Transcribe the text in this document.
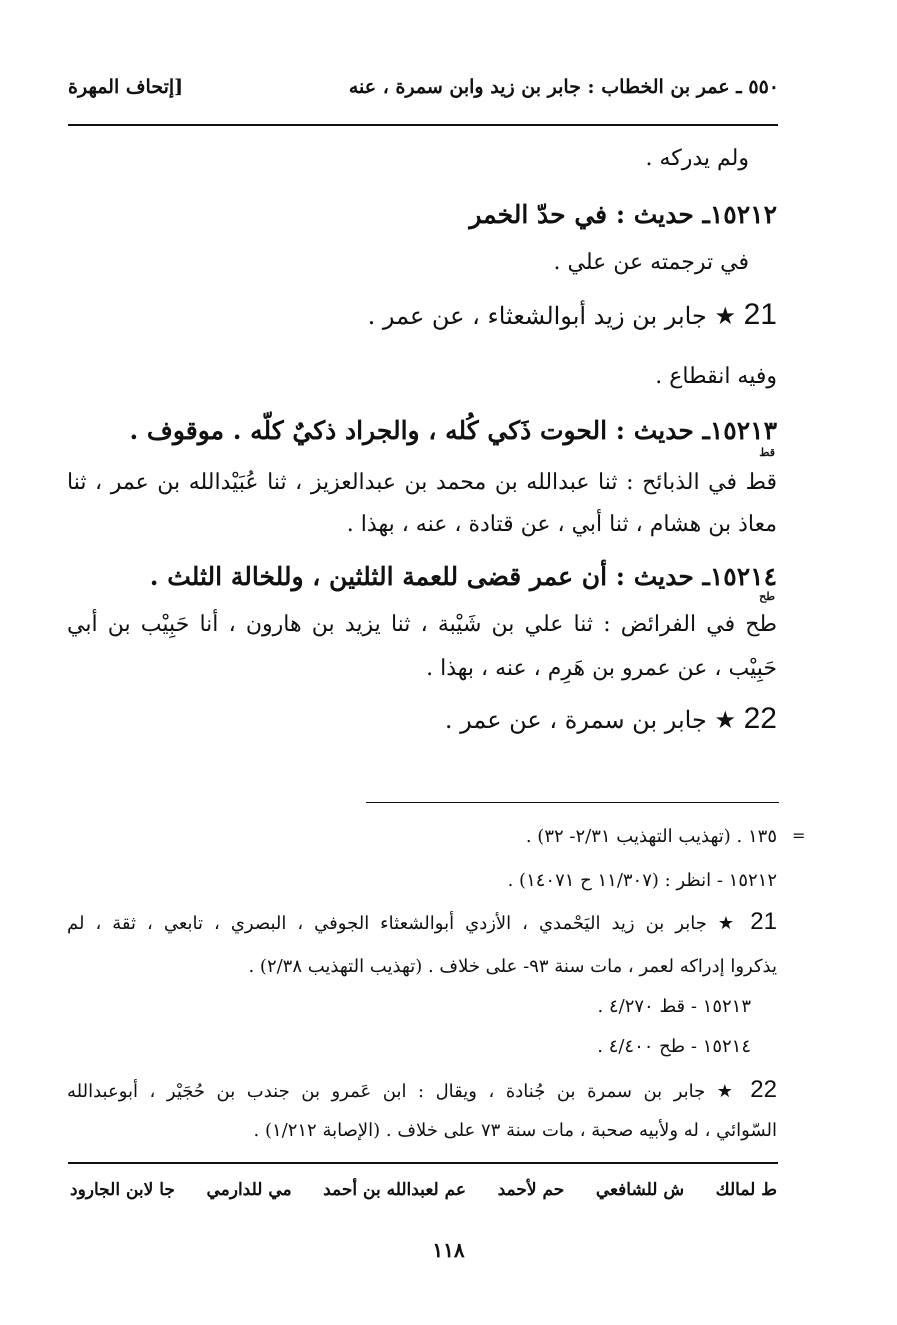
٥٥٠ ـ عمر بن الخطاب : جابر بن زيد وابن سمرة ، عنه
[إتحاف المهرة
ولم يدركه .
١٥٢١٢ـ حديث : في حدّ الخمر
في ترجمته عن علي .
21 ★ جابر بن زيد أبوالشعثاء ، عن عمر .
وفيه انقطاع .
١٥٢١٣ـ حديث : الحوت ذَكي كُله ، والجراد ذكيٌ كلّه . موقوف .
قط
قط في الذبائح : ثنا عبدالله بن محمد بن عبدالعزيز ، ثنا عُبَيْدالله بن عمر ، ثنا
معاذ بن هشام ، ثنا أبي ، عن قتادة ، عنه ، بهذا .
١٥٢١٤ـ حديث : أن عمر قضى للعمة الثلثين ، وللخالة الثلث .
طح
طح في الفرائض : ثنا علي بن شَيْبة ، ثنا يزيد بن هارون ، أنا حَبِيْب بن أبي
حَبِيْب ، عن عمرو بن هَرِم ، عنه ، بهذا .
22 ★ جابر بن سمرة ، عن عمر .
=
١٣٥ . (تهذيب التهذيب ٢/٣١- ٣٢) .
١٥٢١٢ - انظر : (١١/٣٠٧ ح ١٤٠٧١) .
21 ★ جابر بن زيد اليَحْمدي ، الأزدي أبوالشعثاء الجوفي ، البصري ، تابعي ، ثقة ، لم
يذكروا إدراكه لعمر ، مات سنة ٩٣- على خلاف . (تهذيب التهذيب ٢/٣٨) .
١٥٢١٣ - قط ٤/٢٧٠ .
١٥٢١٤ - طح ٤/٤٠٠ .
22 ★ جابر بن سمرة بن جُنادة ، ويقال : ابن عَمرو بن جندب بن حُجَيْر ، أبوعبدالله
السّوائي ، له ولأبيه صحبة ، مات سنة ٧٣ على خلاف . (الإصابة ١/٢١٢) .
ط لمالك
ش للشافعي
حم لأحمد
عم لعبدالله بن أحمد
مي للدارمي
جا لابن الجارود
١١٨
